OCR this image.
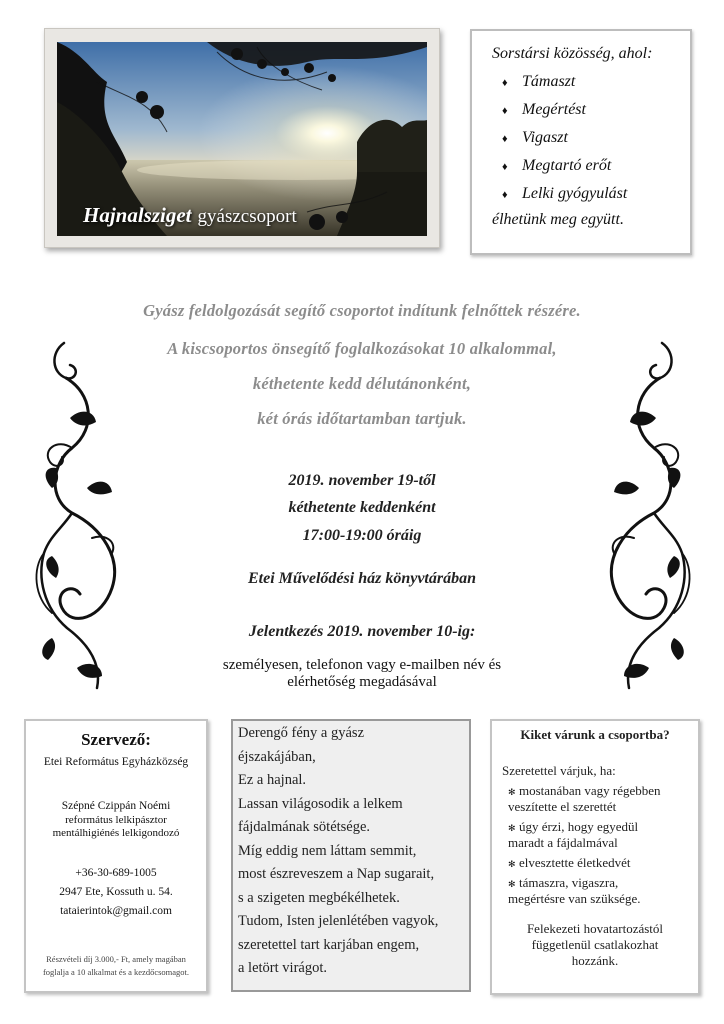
Hajnalsziget gyászcsoport
Sorstársi közösség, ahol:
♦ Támaszt
♦ Megértést
♦ Vigaszt
♦ Megtartó erőt
♦ Lelki gyógyulást
élhetünk meg együtt.
Gyász feldolgozását segítő csoportot indítunk felnőttek részére.
A kiscsoportos önsegítő foglalkozásokat 10 alkalommal,
kéthetente kedd délutánonként,
két órás időtartamban tartjuk.
2019. november 19-től
kéthetente keddenként
17:00-19:00 óráig
Etei Művelődési ház könyvtárában
Jelentkezés 2019. november 10-ig:
személyesen, telefonon vagy e-mailben név és
elérhetőség megadásával
Szervező:
Etei Református Egyházközség
Szépné Czippán Noémi
református lelkipásztor
mentálhigiénés lelkigondozó
+36-30-689-1005
2947 Ete, Kossuth u. 54.
tataierintok@gmail.com
Részvételi díj 3.000,- Ft, amely magában
foglalja a 10 alkalmat és a kezdőcsomagot.
Derengő fény a gyász
éjszakájában,
Ez a hajnal.
Lassan világosodik a lelkem
fájdalmának sötétsége.
Míg eddig nem láttam semmit,
most észreveszem a Nap sugarait,
s a szigeten megbékélhetek.
Tudom, Isten jelenlétében vagyok,
szeretettel tart karjában engem,
a letört virágot.
Kiket várunk a csoportba?
Szeretettel várjuk, ha:
✻ mostanában vagy régebben
veszítette el szerettét
✻ úgy érzi, hogy egyedül
maradt a fájdalmával
✻ elvesztette életkedvét
✻ támaszra, vigaszra,
megértésre van szüksége.
Felekezeti hovatartozástól
függetlenül csatlakozhat
hozzánk.
